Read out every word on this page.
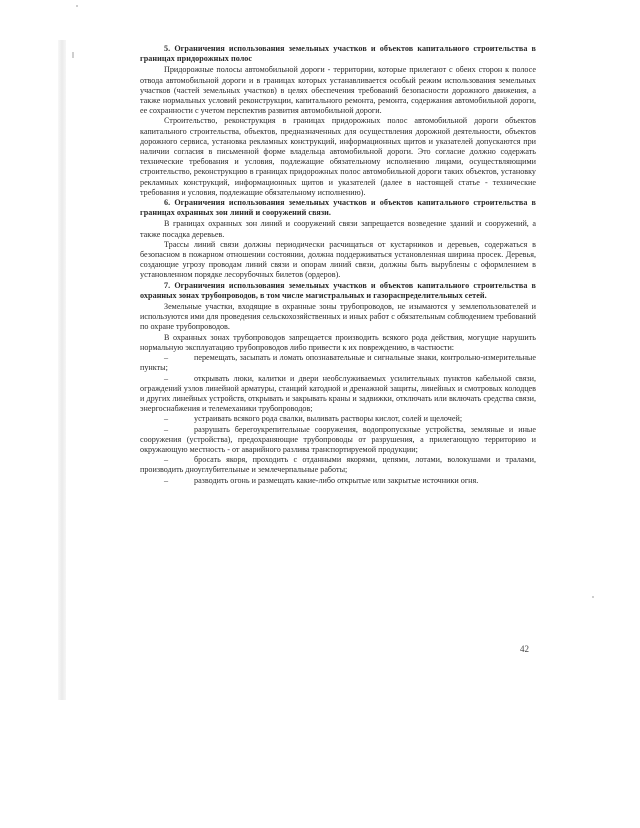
5. Ограничения использования земельных участков и объектов капитального строительства в границах придорожных полос

Придорожные полосы автомобильной дороги - территории, которые прилегают с обеих сторон к полосе отвода автомобильной дороги и в границах которых устанавливается особый режим использования земельных участков (частей земельных участков) в целях обеспечения требований безопасности дорожного движения, а также нормальных условий реконструкции, капитального ремонта, ремонта, содержания автомобильной дороги, ее сохранности с учетом перспектив развития автомобильной дороги.

Строительство, реконструкция в границах придорожных полос автомобильной дороги объектов капитального строительства, объектов, предназначенных для осуществления дорожной деятельности, объектов дорожного сервиса, установка рекламных конструкций, информационных щитов и указателей допускаются при наличии согласия в письменной форме владельца автомобильной дороги. Это согласие должно содержать технические требования и условия, подлежащие обязательному исполнению лицами, осуществляющими строительство, реконструкцию в границах придорожных полос автомобильной дороги таких объектов, установку рекламных конструкций, информационных щитов и указателей (далее в настоящей статье - технические требования и условия, подлежащие обязательному исполнению).

6. Ограничения использования земельных участков и объектов капитального строительства в границах охранных зон линий и сооружений связи.

В границах охранных зон линий и сооружений связи запрещается возведение зданий и сооружений, а также посадка деревьев.

Трассы линий связи должны периодически расчищаться от кустарников и деревьев, содержаться в безопасном в пожарном отношении состоянии, должна поддерживаться установленная ширина просек. Деревья, создающие угрозу проводам линий связи и опорам линий связи, должны быть вырублены с оформлением в установленном порядке лесорубочных билетов (ордеров).

7. Ограничения использования земельных участков и объектов капитального строительства в охранных зонах трубопроводов, в том числе магистральных и газораспределительных сетей.

Земельные участки, входящие в охранные зоны трубопроводов, не изымаются у землепользователей и используются ими для проведения сельскохозяйственных и иных работ с обязательным соблюдением требований по охране трубопроводов.

В охранных зонах трубопроводов запрещается производить всякого рода действия, могущие нарушить нормальную эксплуатацию трубопроводов либо привести к их повреждению, в частности:

–	перемещать, засыпать и ломать опознавательные и сигнальные знаки, контрольно-измерительные пункты;

–	открывать люки, калитки и двери необслуживаемых усилительных пунктов кабельной связи, ограждений узлов линейной арматуры, станций катодной и дренажной защиты, линейных и смотровых колодцев и других линейных устройств, открывать и закрывать краны и задвижки, отключать или включать средства связи, энергоснабжения и телемеханики трубопроводов;

–	устраивать всякого рода свалки, выливать растворы кислот, солей и щелочей;

–	разрушать берегоукрепительные сооружения, водопропускные устройства, земляные и иные сооружения (устройства), предохраняющие трубопроводы от разрушения, а прилегающую территорию и окружающую местность - от аварийного разлива транспортируемой продукции;

–	бросать якоря, проходить с отданными якорями, цепями, лотами, волокушами и тралами, производить дноуглубительные и землечерпальные работы;

–	разводить огонь и размещать какие-либо открытые или закрытые источники огня.

42
